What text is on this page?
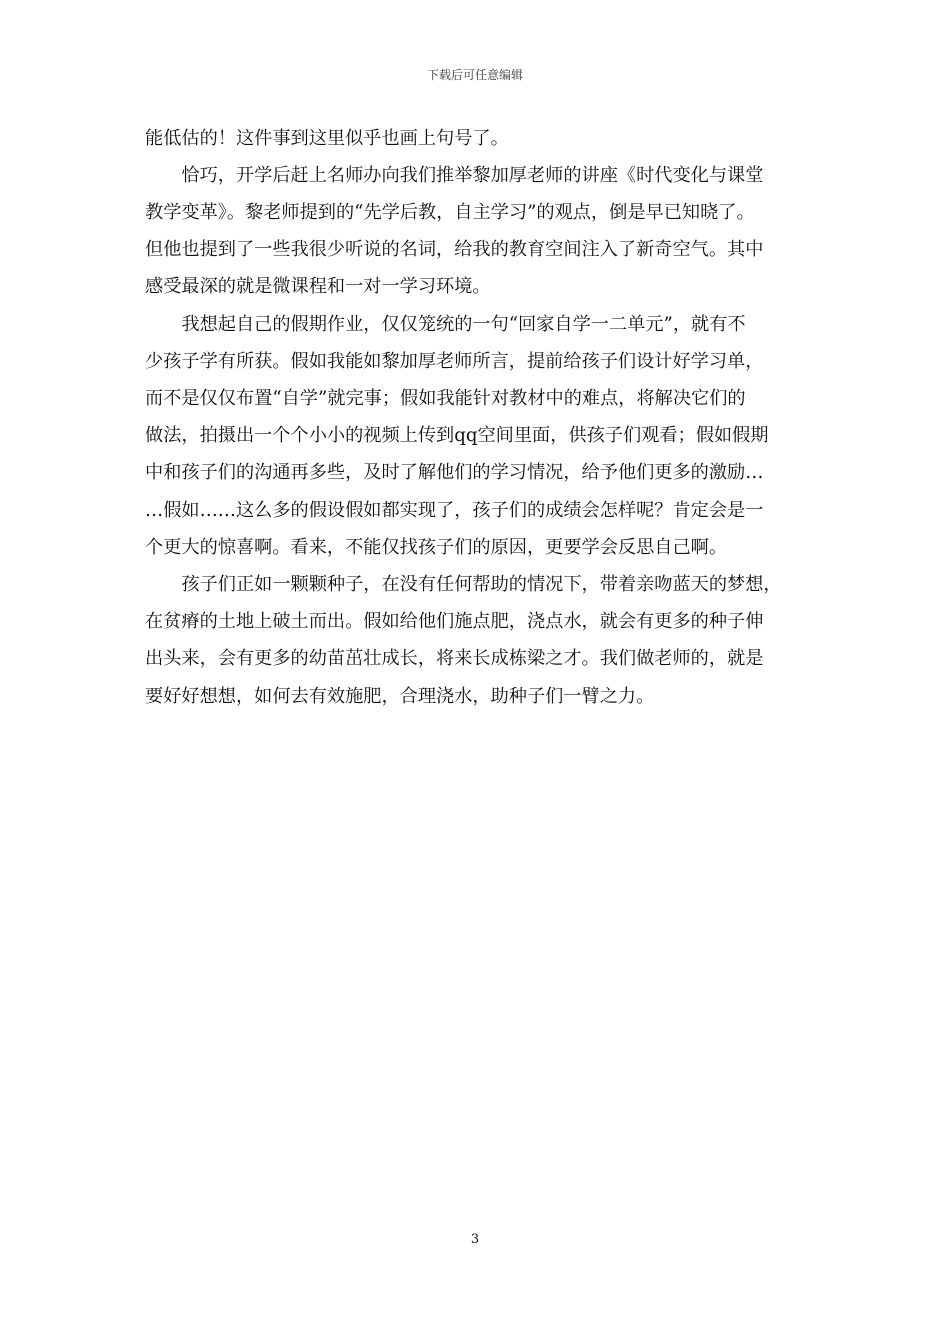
下载后可任意编辑
能低估的！这件事到这里似乎也画上句号了。
　　恰巧，开学后赶上名师办向我们推举黎加厚老师的讲座《时代变化与课堂
教学变革》。黎老师提到的“先学后教，自主学习”的观点，倒是早已知晓了。
但他也提到了一些我很少听说的名词，给我的教育空间注入了新奇空气。其中
感受最深的就是微课程和一对一学习环境。
　　我想起自己的假期作业，仅仅笼统的一句“回家自学一二单元”，就有不
少孩子学有所获。假如我能如黎加厚老师所言，提前给孩子们设计好学习单，
而不是仅仅布置“自学”就完事；假如我能针对教材中的难点，将解决它们的
做法，拍摄出一个个小小的视频上传到qq空间里面，供孩子们观看；假如假期
中和孩子们的沟通再多些，及时了解他们的学习情况，给予他们更多的激励…
…假如……这么多的假设假如都实现了，孩子们的成绩会怎样呢？肯定会是一
个更大的惊喜啊。看来，不能仅找孩子们的原因，更要学会反思自己啊。
　　孩子们正如一颗颗种子，在没有任何帮助的情况下，带着亲吻蓝天的梦想，
在贫瘠的土地上破土而出。假如给他们施点肥，浇点水，就会有更多的种子伸
出头来，会有更多的幼苗茁壮成长，将来长成栋梁之才。我们做老师的，就是
要好好想想，如何去有效施肥，合理浇水，助种子们一臂之力。
3
